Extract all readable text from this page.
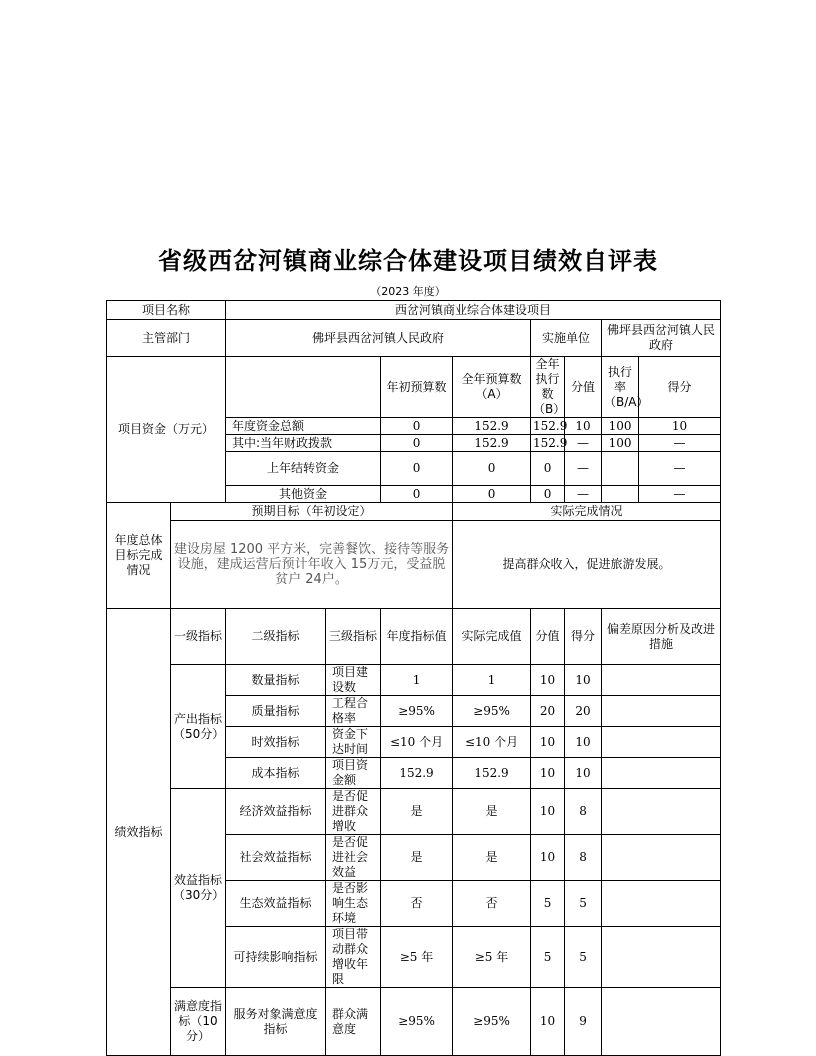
省级西岔河镇商业综合体建设项目绩效自评表
（2023 年度）
项目名称		西岔河镇商业综合体建设项目							
主管部门		佛坪县西岔河镇人民政府				实施单位		佛坪县西岔河镇人民政府	
项目资金（万元）				年初预算数	全年预算数（A）	全年执行数（B）	分值	执行率（B/A）	得分
		年度资金总额		0	152.9	152.9	10	100	10
		其中:当年财政拨款		0	152.9	152.9	—	100	—
		上年结转资金		0	0	0	—		—
		其他资金		0	0	0	—		—
年度总体目标完成情况	预期目标（年初设定）				实际完成情况				
	建设房屋 1200 平方米，完善餐饮、接待等服务设施，建成运营后预计年收入 15万元，受益脱贫户 24户。				提高群众收入，促进旅游发展。				
绩效指标	一级指标	二级指标	三级指标	年度指标值	实际完成值	分值	得分	偏差原因分析及改进措施	
	产出指标（50分）	数量指标	项目建设数	1	1	10	10		
		质量指标	工程合格率	≥95%	≥95%	20	20		
		时效指标	资金下达时间	≤10 个月	≤10 个月	10	10		
		成本指标	项目资金额	152.9	152.9	10	10		
	效益指标（30分）	经济效益指标	是否促进群众增收	是	是	10	8		
		社会效益指标	是否促进社会效益	是	是	10	8		
		生态效益指标	是否影响生态环境	否	否	5	5		
		可持续影响指标	项目带动群众增收年限	≥5 年	≥5 年	5	5		
	满意度指标（10分）	服务对象满意度指标	群众满意度	≥95%	≥95%	10	9		
